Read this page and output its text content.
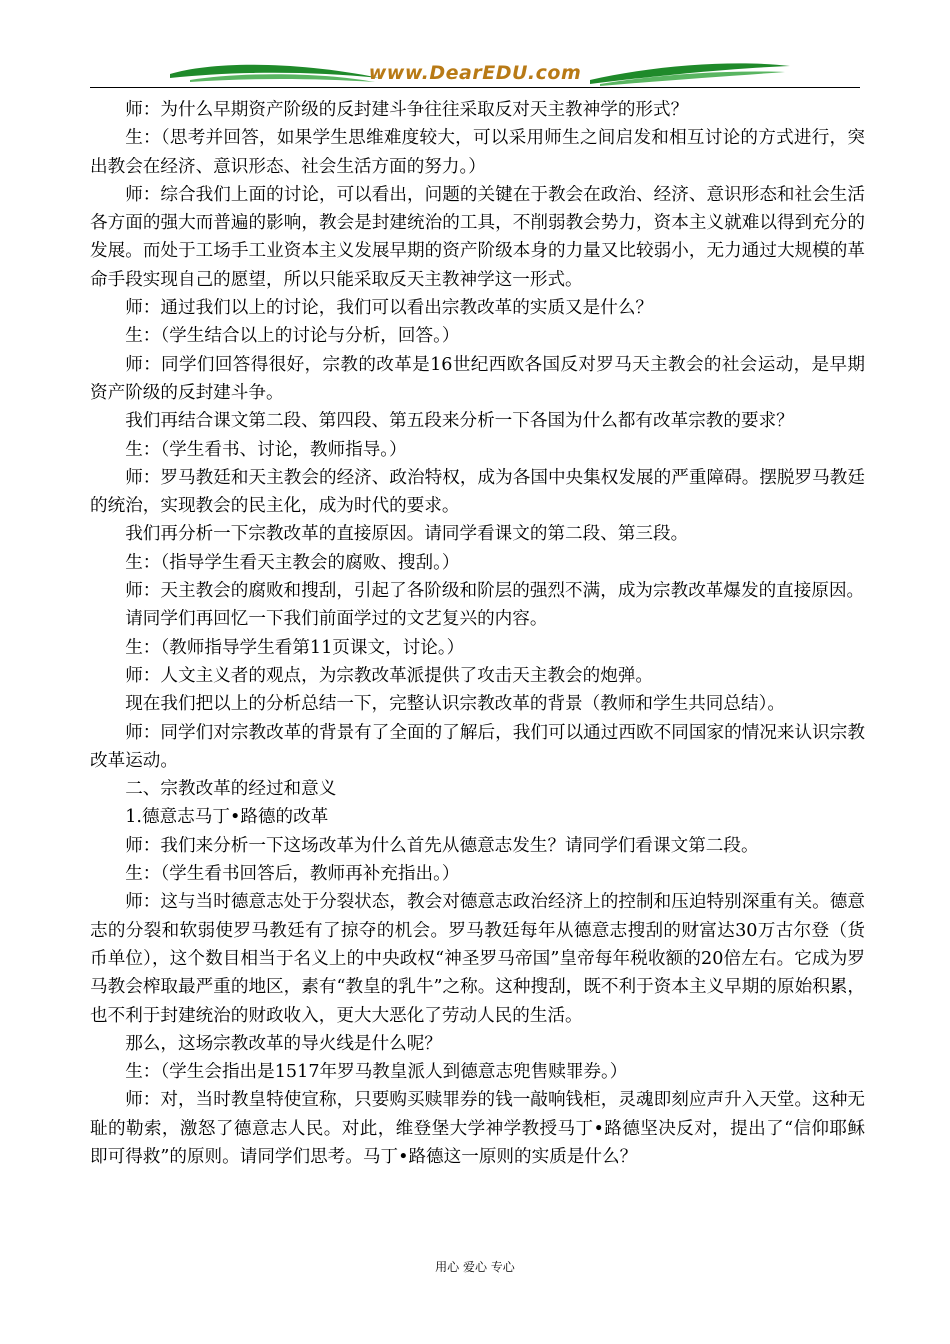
www.DearEDU.com

师：为什么早期资产阶级的反封建斗争往往采取反对天主教神学的形式？

生：（思考并回答，如果学生思维难度较大，可以采用师生之间启发和相互讨论的方式进行，突出教会在经济、意识形态、社会生活方面的努力。）

师：综合我们上面的讨论，可以看出，问题的关键在于教会在政治、经济、意识形态和社会生活各方面的强大而普遍的影响，教会是封建统治的工具，不削弱教会势力，资本主义就难以得到充分的发展。而处于工场手工业资本主义发展早期的资产阶级本身的力量又比较弱小，无力通过大规模的革命手段实现自己的愿望，所以只能采取反天主教神学这一形式。

师：通过我们以上的讨论，我们可以看出宗教改革的实质又是什么？

生：（学生结合以上的讨论与分析，回答。）

师：同学们回答得很好，宗教的改革是16世纪西欧各国反对罗马天主教会的社会运动，是早期资产阶级的反封建斗争。

我们再结合课文第二段、第四段、第五段来分析一下各国为什么都有改革宗教的要求？

生：（学生看书、讨论，教师指导。）

师：罗马教廷和天主教会的经济、政治特权，成为各国中央集权发展的严重障碍。摆脱罗马教廷的统治，实现教会的民主化，成为时代的要求。

我们再分析一下宗教改革的直接原因。请同学看课文的第二段、第三段。

生：（指导学生看天主教会的腐败、搜刮。）

师：天主教会的腐败和搜刮，引起了各阶级和阶层的强烈不满，成为宗教改革爆发的直接原因。

请同学们再回忆一下我们前面学过的文艺复兴的内容。

生：（教师指导学生看第11页课文，讨论。）

师：人文主义者的观点，为宗教改革派提供了攻击天主教会的炮弹。

现在我们把以上的分析总结一下，完整认识宗教改革的背景（教师和学生共同总结）。

师：同学们对宗教改革的背景有了全面的了解后，我们可以通过西欧不同国家的情况来认识宗教改革运动。

二、宗教改革的经过和意义

1.德意志马丁•路德的改革

师：我们来分析一下这场改革为什么首先从德意志发生？请同学们看课文第二段。

生：（学生看书回答后，教师再补充指出。）

师：这与当时德意志处于分裂状态，教会对德意志政治经济上的控制和压迫特别深重有关。德意志的分裂和软弱使罗马教廷有了掠夺的机会。罗马教廷每年从德意志搜刮的财富达30万古尔登（货币单位），这个数目相当于名义上的中央政权“神圣罗马帝国”皇帝每年税收额的20倍左右。它成为罗马教会榨取最严重的地区，素有“教皇的乳牛”之称。这种搜刮，既不利于资本主义早期的原始积累，也不利于封建统治的财政收入，更大大恶化了劳动人民的生活。

那么，这场宗教改革的导火线是什么呢？

生：（学生会指出是1517年罗马教皇派人到德意志兜售赎罪券。）

师：对，当时教皇特使宣称，只要购买赎罪券的钱一敲响钱柜，灵魂即刻应声升入天堂。这种无耻的勒索，激怒了德意志人民。对此，维登堡大学神学教授马丁•路德坚决反对，提出了“信仰耶稣即可得救”的原则。请同学们思考。马丁•路德这一原则的实质是什么？

用心 爱心 专心
